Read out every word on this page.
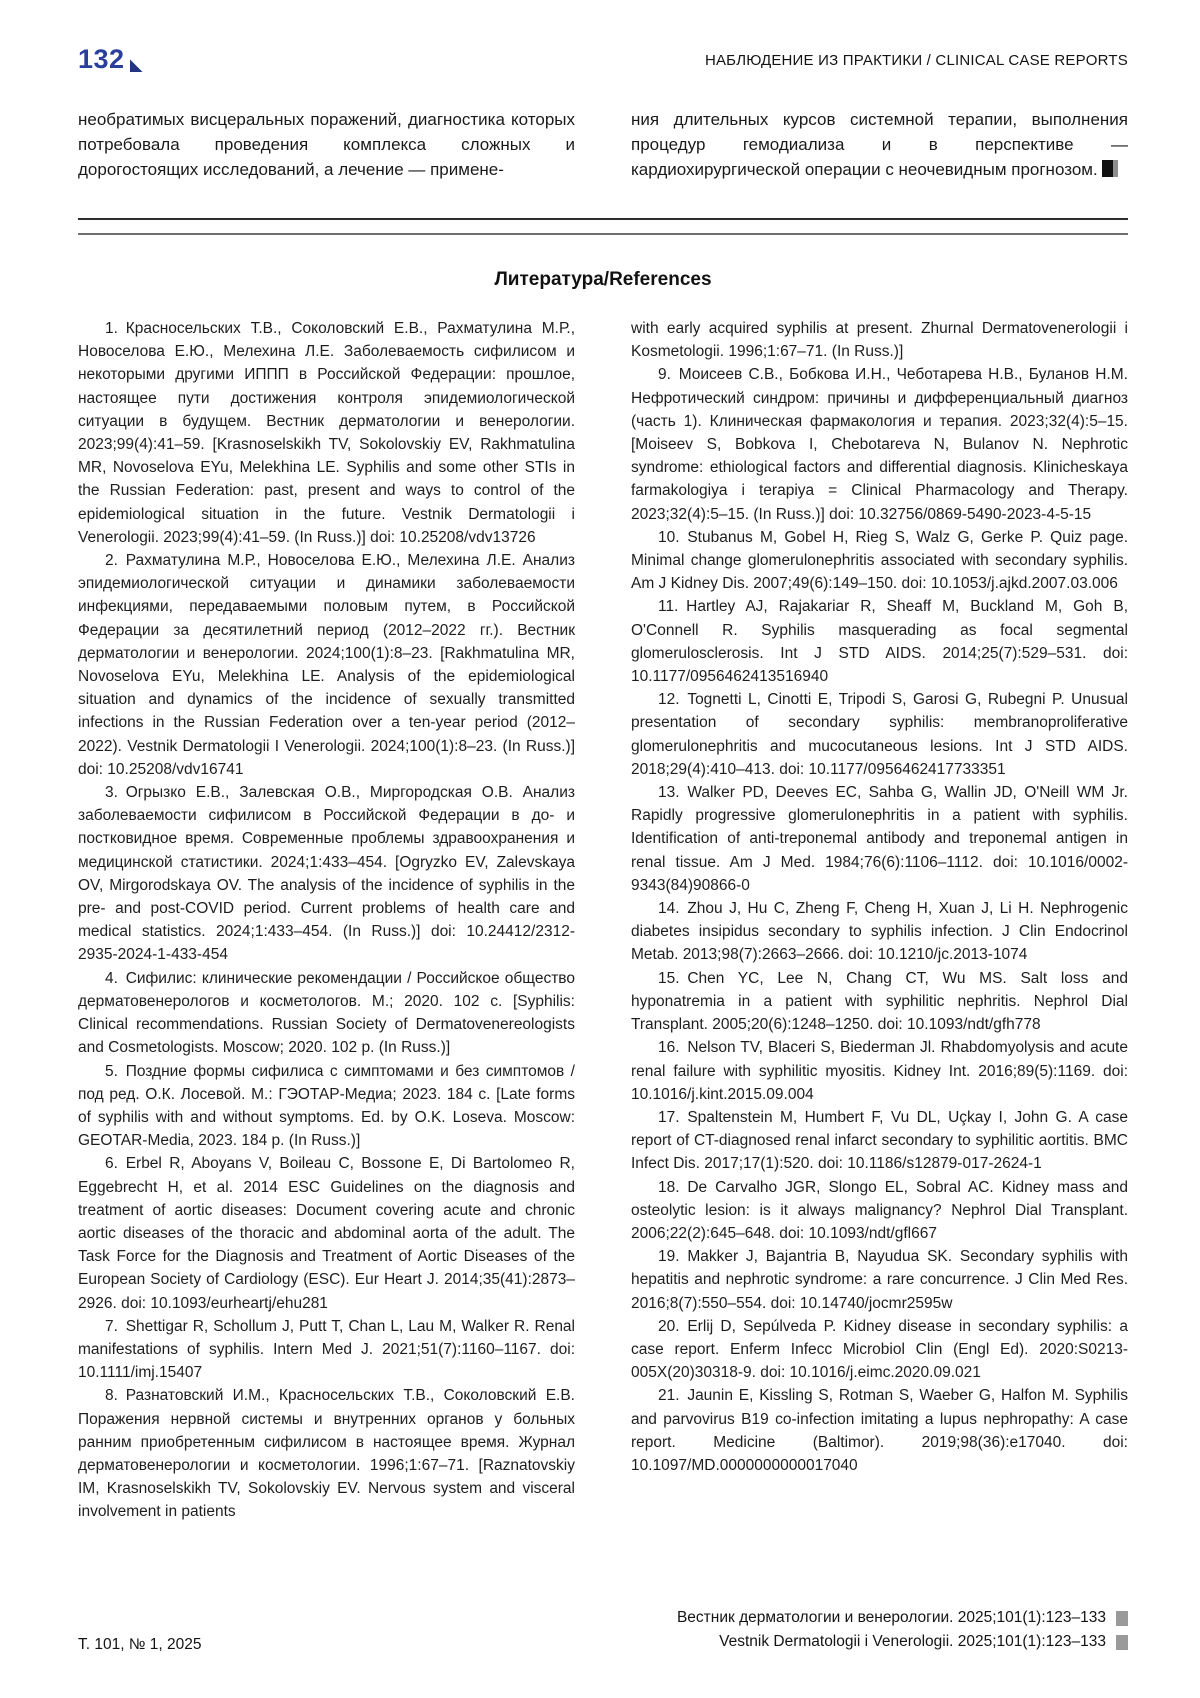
132	НАБЛЮДЕНИЕ ИЗ ПРАКТИКИ / CLINICAL CASE REPORTS

необратимых висцеральных поражений, диагностика которых потребовала проведения комплекса сложных и дорогостоящих исследований, а лечение — примене-

ния длительных курсов системной терапии, выполнения процедур гемодиализа и в перспективе — кардиохирургической операции с неочевидным прогнозом.

Литература/References

1. Красносельских Т.В., Соколовский Е.В., Рахматулина М.Р., Новоселова Е.Ю., Мелехина Л.Е. Заболеваемость сифилисом и некоторыми другими ИППП в Российской Федерации: прошлое, настоящее пути достижения контроля эпидемиологической ситуации в будущем. Вестник дерматологии и венерологии. 2023;99(4):41–59. [Krasnoselskikh TV, Sokolovskiy EV, Rakhmatulina MR, Novoselova EYu, Melekhina LE. Syphilis and some other STIs in the Russian Federation: past, present and ways to control of the epidemiological situation in the future. Vestnik Dermatologii i Venerologii. 2023;99(4):41–59. (In Russ.)] doi: 10.25208/vdv13726

2. Рахматулина М.Р., Новоселова Е.Ю., Мелехина Л.Е. Анализ эпидемиологической ситуации и динамики заболеваемости инфекциями, передаваемыми половым путем, в Российской Федерации за десятилетний период (2012–2022 гг.). Вестник дерматологии и венерологии. 2024;100(1):8–23. [Rakhmatulina MR, Novoselova EYu, Melekhina LE. Analysis of the epidemiological situation and dynamics of the incidence of sexually transmitted infections in the Russian Federation over a ten-year period (2012–2022). Vestnik Dermatologii I Venerologii. 2024;100(1):8–23. (In Russ.)] doi: 10.25208/vdv16741

3. Огрызко Е.В., Залевская О.В., Миргородская О.В. Анализ заболеваемости сифилисом в Российской Федерации в до- и постковидное время. Современные проблемы здравоохранения и медицинской статистики. 2024;1:433–454. [Ogryzko EV, Zalevskaya OV, Mirgorodskaya OV. The analysis of the incidence of syphilis in the pre- and post-COVID period. Current problems of health care and medical statistics. 2024;1:433–454. (In Russ.)] doi: 10.24412/2312-2935-2024-1-433-454

4. Сифилис: клинические рекомендации / Российское общество дерматовенерологов и косметологов. М.; 2020. 102 с. [Syphilis: Clinical recommendations. Russian Society of Dermatovenereologists and Cosmetologists. Moscow; 2020. 102 p. (In Russ.)]

5. Поздние формы сифилиса с симптомами и без симптомов / под ред. О.К. Лосевой. М.: ГЭОТАР-Медиа; 2023. 184 с. [Late forms of syphilis with and without symptoms. Ed. by O.K. Loseva. Moscow: GEOTAR-Media, 2023. 184 p. (In Russ.)]

6. Erbel R, Aboyans V, Boileau C, Bossone E, Di Bartolomeo R, Eggebrecht H, et al. 2014 ESC Guidelines on the diagnosis and treatment of aortic diseases: Document covering acute and chronic aortic diseases of the thoracic and abdominal aorta of the adult. The Task Force for the Diagnosis and Treatment of Aortic Diseases of the European Society of Cardiology (ESC). Eur Heart J. 2014;35(41):2873–2926. doi: 10.1093/eurheartj/ehu281

7. Shettigar R, Schollum J, Putt T, Chan L, Lau M, Walker R. Renal manifestations of syphilis. Intern Med J. 2021;51(7):1160–1167. doi: 10.1111/imj.15407

8. Разнатовский И.М., Красносельских Т.В., Соколовский Е.В. Поражения нервной системы и внутренних органов у больных ранним приобретенным сифилисом в настоящее время. Журнал дерматовенерологии и косметологии. 1996;1:67–71. [Raznatovskiy IM, Krasnoselskikh TV, Sokolovskiy EV. Nervous system and visceral involvement in patients

with early acquired syphilis at present. Zhurnal Dermatovenerologii i Kosmetologii. 1996;1:67–71. (In Russ.)]

9. Моисеев С.В., Бобкова И.Н., Чеботарева Н.В., Буланов Н.М. Нефротический синдром: причины и дифференциальный диагноз (часть 1). Клиническая фармакология и терапия. 2023;32(4):5–15. [Moiseev S, Bobkova I, Chebotareva N, Bulanov N. Nephrotic syndrome: ethiological factors and differential diagnosis. Klinicheskaya farmakologiya i terapiya = Clinical Pharmacology and Therapy. 2023;32(4):5–15. (In Russ.)] doi: 10.32756/0869-5490-2023-4-5-15

10. Stubanus M, Gobel H, Rieg S, Walz G, Gerke P. Quiz page. Minimal change glomerulonephritis associated with secondary syphilis. Am J Kidney Dis. 2007;49(6):149–150. doi: 10.1053/j.ajkd.2007.03.006

11. Hartley AJ, Rajakariar R, Sheaff M, Buckland M, Goh B, O'Connell R. Syphilis masquerading as focal segmental glomerulosclerosis. Int J STD AIDS. 2014;25(7):529–531. doi: 10.1177/0956462413516940

12. Tognetti L, Cinotti E, Tripodi S, Garosi G, Rubegni P. Unusual presentation of secondary syphilis: membranoproliferative glomerulonephritis and mucocutaneous lesions. Int J STD AIDS. 2018;29(4):410–413. doi: 10.1177/0956462417733351

13. Walker PD, Deeves EC, Sahba G, Wallin JD, O'Neill WM Jr. Rapidly progressive glomerulonephritis in a patient with syphilis. Identification of anti-treponemal antibody and treponemal antigen in renal tissue. Am J Med. 1984;76(6):1106–1112. doi: 10.1016/0002-9343(84)90866-0

14. Zhou J, Hu C, Zheng F, Cheng H, Xuan J, Li H. Nephrogenic diabetes insipidus secondary to syphilis infection. J Clin Endocrinol Metab. 2013;98(7):2663–2666. doi: 10.1210/jc.2013-1074

15. Chen YC, Lee N, Chang CT, Wu MS. Salt loss and hyponatremia in a patient with syphilitic nephritis. Nephrol Dial Transplant. 2005;20(6):1248–1250. doi: 10.1093/ndt/gfh778

16. Nelson TV, Blaceri S, Biederman Jl. Rhabdomyolysis and acute renal failure with syphilitic myositis. Kidney Int. 2016;89(5):1169. doi: 10.1016/j.kint.2015.09.004

17. Spaltenstein M, Humbert F, Vu DL, Uçkay I, John G. A case report of CT-diagnosed renal infarct secondary to syphilitic aortitis. BMC Infect Dis. 2017;17(1):520. doi: 10.1186/s12879-017-2624-1

18. De Carvalho JGR, Slongo EL, Sobral AC. Kidney mass and osteolytic lesion: is it always malignancy? Nephrol Dial Transplant. 2006;22(2):645–648. doi: 10.1093/ndt/gfl667

19. Makker J, Bajantria B, Nayudua SK. Secondary syphilis with hepatitis and nephrotic syndrome: a rare concurrence. J Clin Med Res. 2016;8(7):550–554. doi: 10.14740/jocmr2595w

20. Erlij D, Sepúlveda P. Kidney disease in secondary syphilis: a case report. Enferm Infecc Microbiol Clin (Engl Ed). 2020:S0213-005X(20)30318-9. doi: 10.1016/j.eimc.2020.09.021

21. Jaunin E, Kissling S, Rotman S, Waeber G, Halfon M. Syphilis and parvovirus B19 co-infection imitating a lupus nephropathy: A case report. Medicine (Baltimor). 2019;98(36):e17040. doi: 10.1097/MD.0000000000017040

Т. 101, № 1, 2025
Вестник дерматологии и венерологии. 2025;101(1):123–133
Vestnik Dermatologii i Venerologii. 2025;101(1):123–133
